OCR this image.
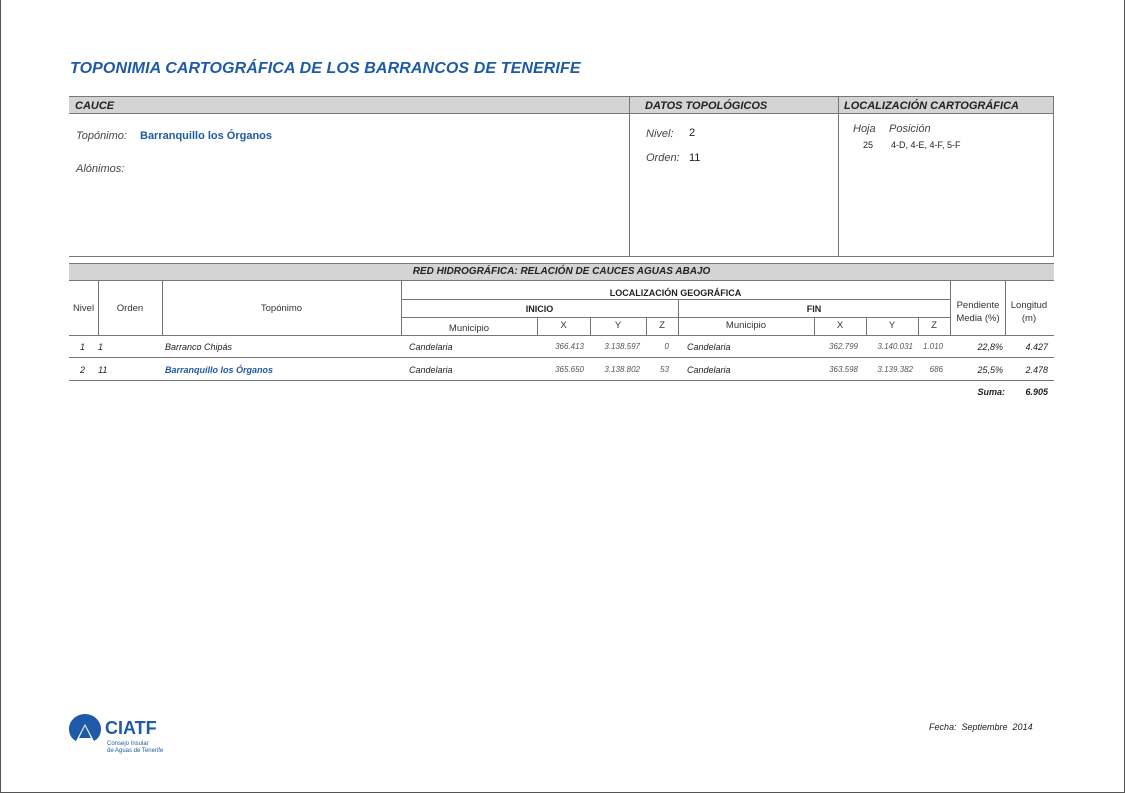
TOPONIMIA CARTOGRÁFICA DE LOS BARRANCOS DE TENERIFE
CAUCE	DATOS TOPOLÓGICOS	LOCALIZACIÓN CARTOGRÁFICA
Topónimo: Barranquillo los Órganos
Alónimos:
Nivel: 2
Orden: 11
Hoja Posición
25 4-D, 4-E, 4-F, 5-F
RED HIDROGRÁFICA: RELACIÓN DE CAUCES AGUAS ABAJO
Nivel	Orden	Topónimo
LOCALIZACIÓN GEOGRÁFICA
INICIO	FIN
Municipio	X	Y	Z	Municipio	X	Y	Z
Pendiente Media (%)
Longitud (m)
1 1	Barranco Chipás	Candelaria	366.413	3.138.597	0 Candelaria	362.799	3.140.031	1.010	22,8%	4.427
2 11	Barranquillo los Órganos	Candelaria	365.650	3.138.802	53 Candelaria	363.598	3.139.382	686	25,5%	2.478
Suma:	6.905
CIATF
Consejo Insular
de Aguas de Tenerife
Fecha: Septiembre  2014
